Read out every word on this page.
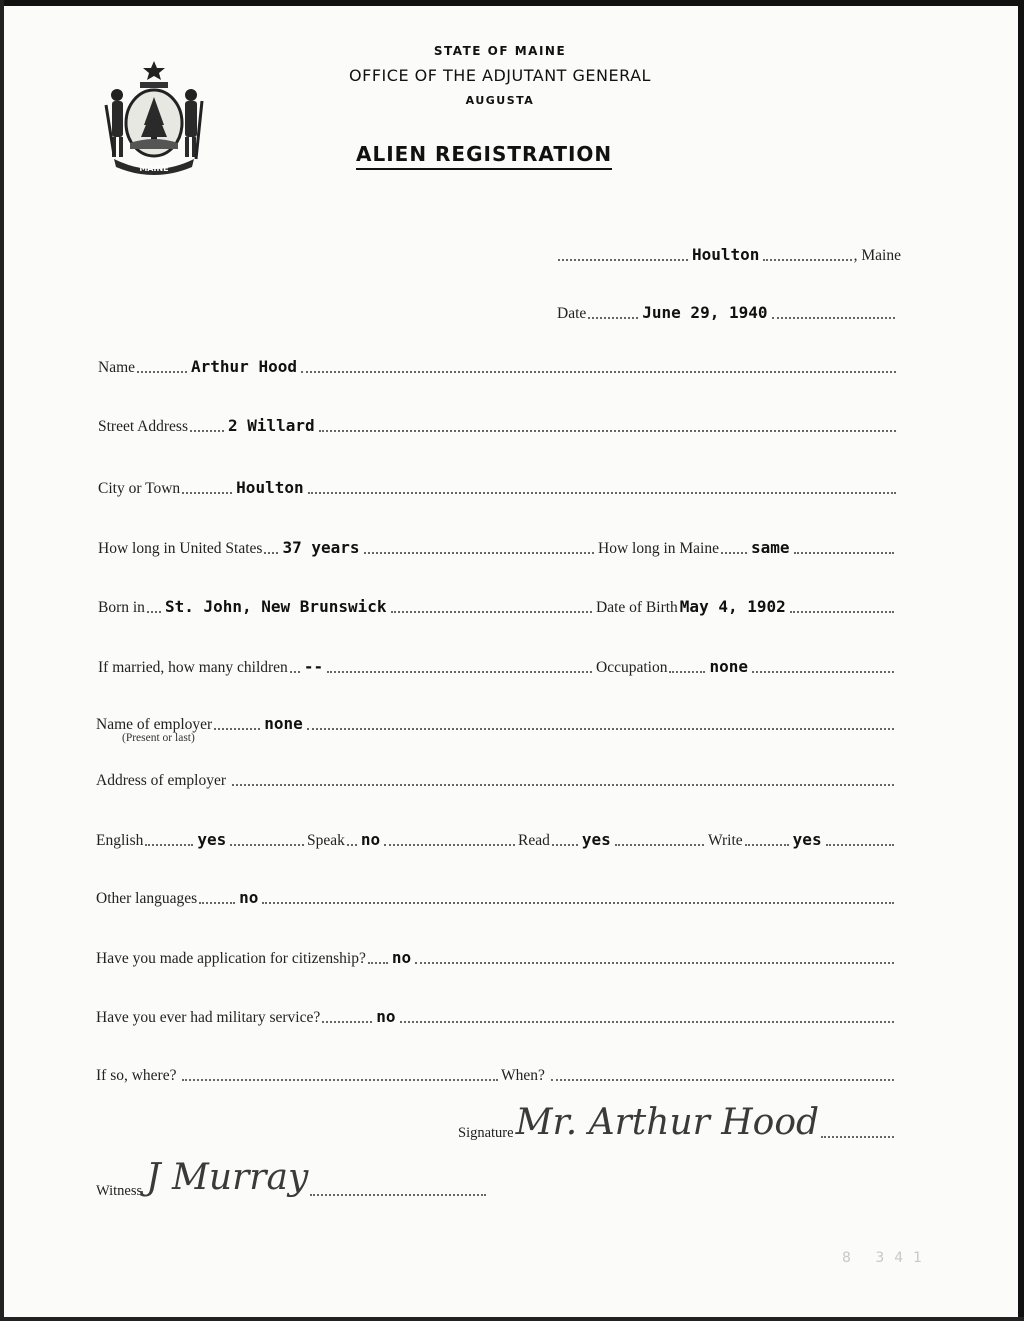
MAINE
STATE OF MAINE
OFFICE OF THE ADJUTANT GENERAL
AUGUSTA
ALIEN REGISTRATION
Houlton	, Maine
Date	June 29, 1940
Name	Arthur Hood
Street Address	2 Willard
City or Town	Houlton
How long in United States 37 years	How long in Maine same
Born in St. John, New Brunswick	Date of Birth May 4, 1902
If married, how many children --	Occupation	none
Name of employer	none
(Present or last)
Address of employer
English	yes	Speak no	Read yes	Write	yes
Other languages	no
Have you made application for citizenship? no
Have you ever had military service?	no
If so, where?	When?
Signature Mr. Arthur Hood
Witness J Murray
8 341
